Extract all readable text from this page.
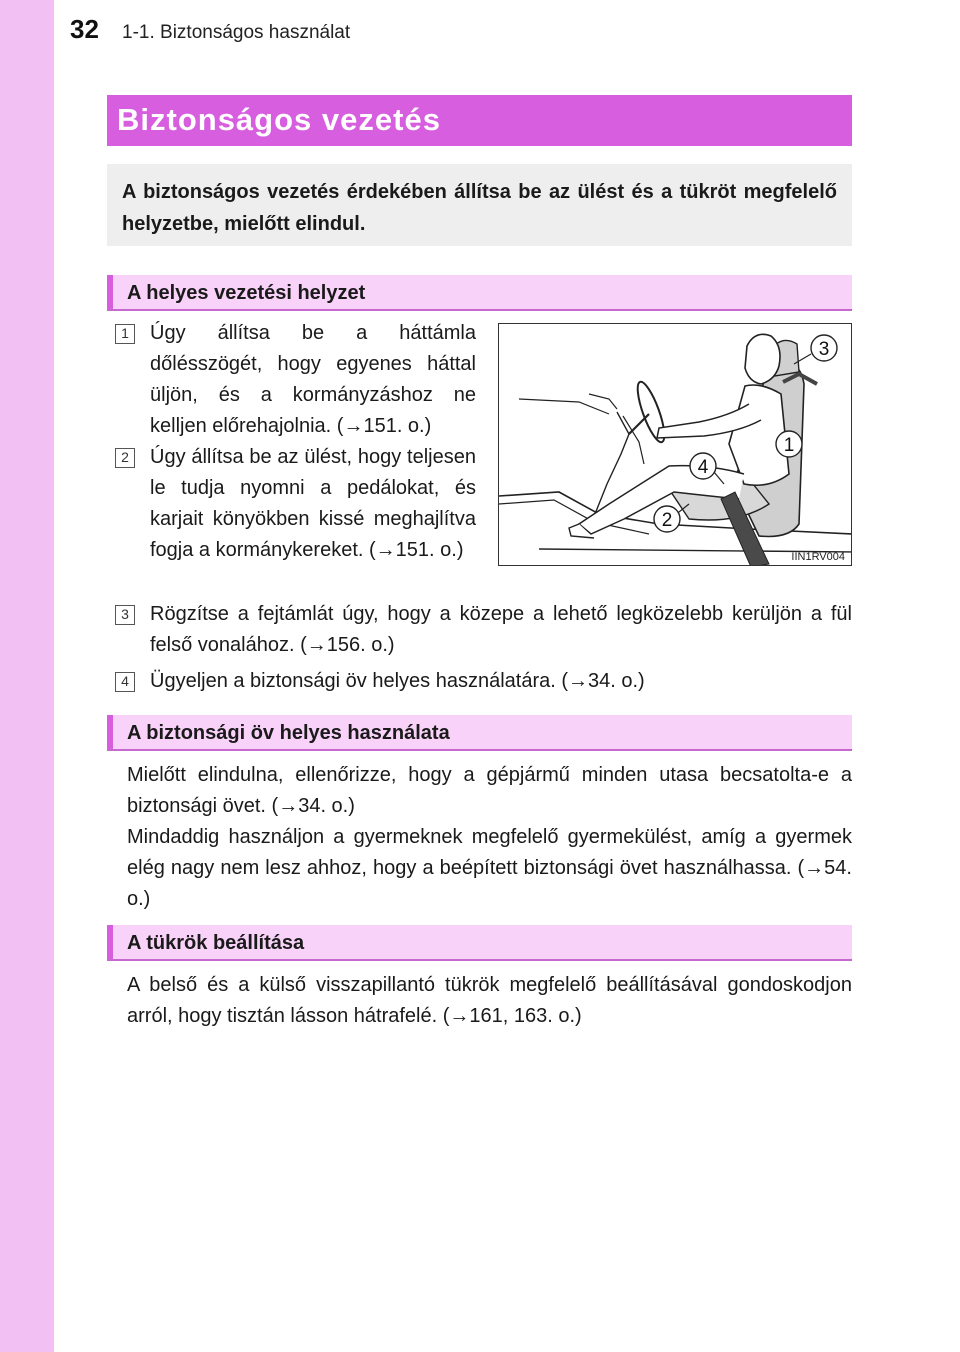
32 1-1. Biztonságos használat
Biztonságos vezetés
A biztonságos vezetés érdekében állítsa be az ülést és a tükröt megfelelő helyzetbe, mielőtt elindul.
A helyes vezetési helyzet
1	Úgy állítsa be a háttámla dőlésszögét, hogy egyenes háttal üljön, és a kormányzáshoz ne kelljen előrehajolnia. (→151. o.)
2	Úgy állítsa be az ülést, hogy teljesen le tudja nyomni a pedálokat, és karjait könyökben kissé meghajlítva fogja a kormánykereket. (→151. o.)
3
1
4
2
IIN1RV004
3	Rögzítse a fejtámlát úgy, hogy a közepe a lehető legközelebb kerüljön a fül felső vonalához. (→156. o.)
4	Ügyeljen a biztonsági öv helyes használatára. (→34. o.)
A biztonsági öv helyes használata
Mielőtt elindulna, ellenőrizze, hogy a gépjármű minden utasa becsatolta-e a biztonsági övet. (→34. o.)
Mindaddig használjon a gyermeknek megfelelő gyermekülést, amíg a gyermek elég nagy nem lesz ahhoz, hogy a beépített biztonsági övet használhassa. (→54. o.)
A tükrök beállítása
A belső és a külső visszapillantó tükrök megfelelő beállításával gondoskodjon arról, hogy tisztán lásson hátrafelé. (→161, 163. o.)
